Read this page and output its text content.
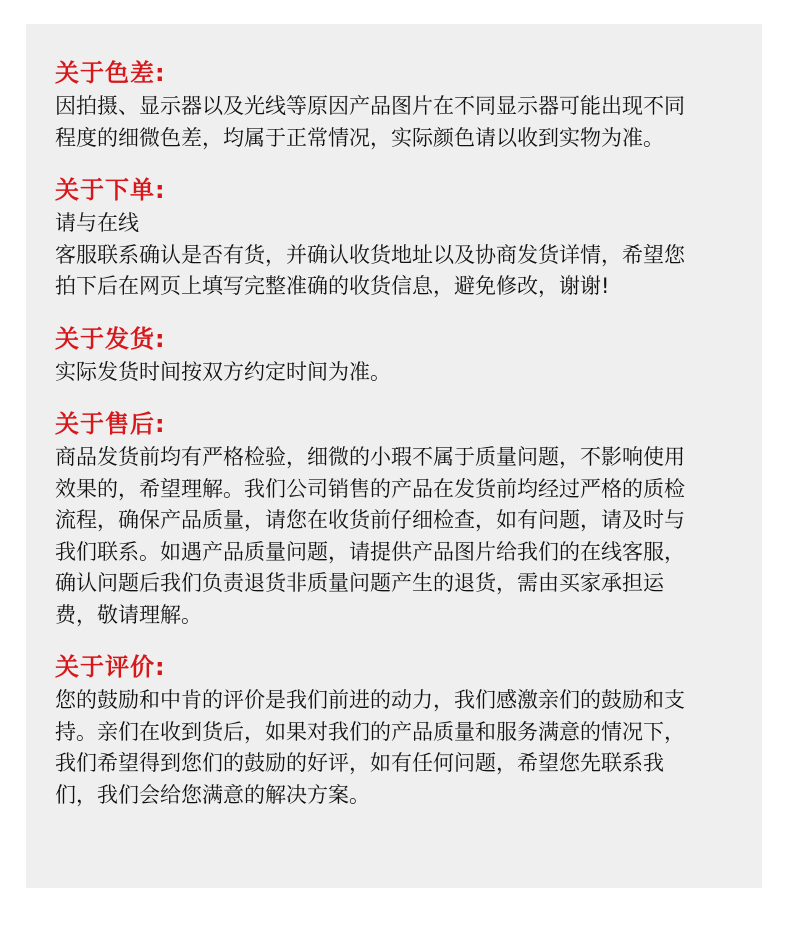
关于色差:
因拍摄、显示器以及光线等原因产品图片在不同显示器可能出现不同
程度的细微色差，均属于正常情况，实际颜色请以收到实物为准。
关于下单:
请与在线
客服联系确认是否有货，并确认收货地址以及协商发货详情，希望您
拍下后在网页上填写完整准确的收货信息，避免修改，谢谢!
关于发货:
实际发货时间按双方约定时间为准。
关于售后:
商品发货前均有严格检验，细微的小瑕不属于质量问题，不影响使用
效果的，希望理解。我们公司销售的产品在发货前均经过严格的质检
流程，确保产品质量，请您在收货前仔细检查，如有问题，请及时与
我们联系。如遇产品质量问题，请提供产品图片给我们的在线客服，
确认问题后我们负责退货非质量问题产生的退货，需由买家承担运
费，敬请理解。
关于评价:
您的鼓励和中肯的评价是我们前进的动力，我们感激亲们的鼓励和支
持。亲们在收到货后，如果对我们的产品质量和服务满意的情况下，
我们希望得到您们的鼓励的好评，如有任何问题，希望您先联系我
们，我们会给您满意的解决方案。
